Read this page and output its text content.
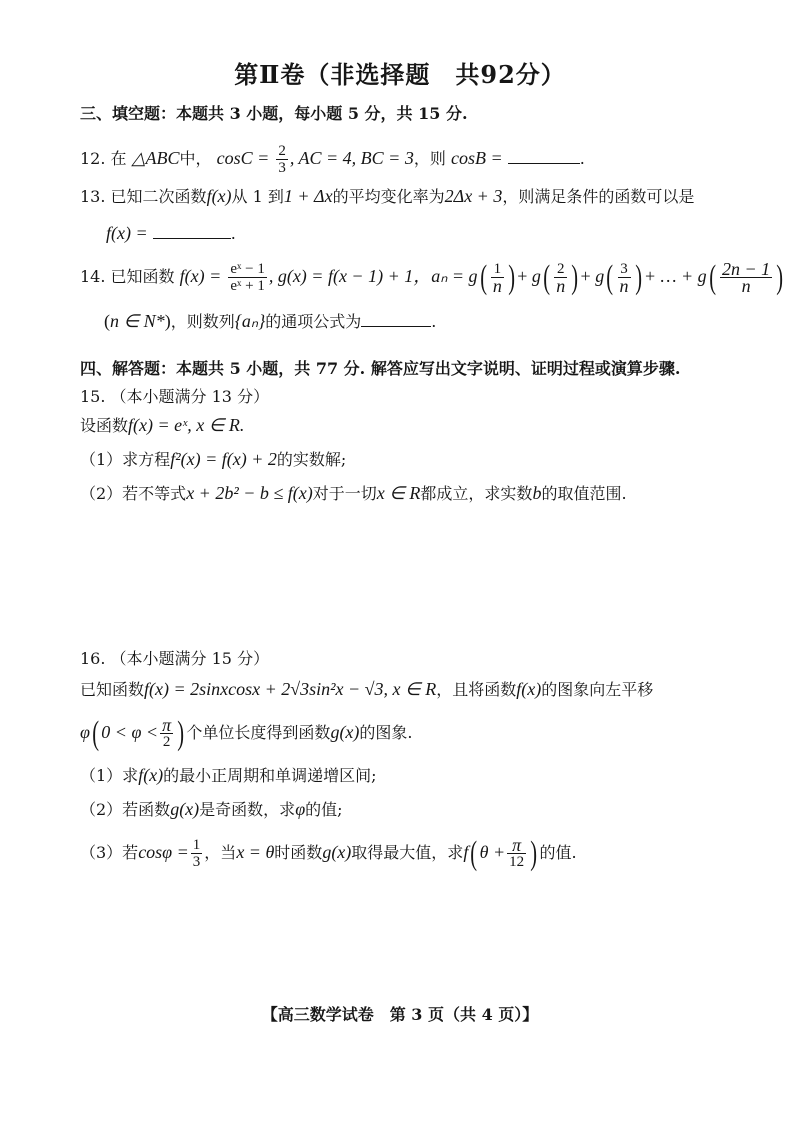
第Ⅱ卷（非选择题　共92分）
三、填空题：本题共 3 小题，每小题 5 分，共 15 分.
12. 在 △ABC中， $\cos C = \frac{2}{3}$ , AC = 4, BC = 3，则 cosB =	.
13. 已知二次函数f(x)从 1 到1 + Δx的平均变化率为2Δx + 3，则满足条件的函数可以是
f(x) =	.
14. 已知函数 $f(x) = \frac{\text{eˣ − 1}}{\text{eˣ + 1}}$ , g(x) = f(x − 1) + 1，$a_n = g( \frac{1}{n}$ ) + $g( \frac{2}{n}$ ) + $g( \frac{3}{n}$ ) + … + $g( \frac{2n - 1}{n}$ )
(n ∈ N*)，则数列{aₙ}的通项公式为	.
四、解答题：本题共 5 小题，共 77 分. 解答应写出文字说明、证明过程或演算步骤.
15. （本小题满分 13 分）
设函数f(x) = eˣ, x ∈ R.
（1）求方程f²(x) = f(x) + 2的实数解;
（2）若不等式x + 2b² − b ≤ f(x)对于一切x ∈ R都成立，求实数b的取值范围.
16. （本小题满分 15 分）
已知函数f(x) = 2sinxcosx + 2√3sin²x − √3, x ∈ R，且将函数f(x)的图象向左平移
φ( $0 < \varphi < \frac{\pi}{2}$ ) 个单位长度得到函数g(x)的图象.
（1）求f(x)的最小正周期和单调递增区间;
（2）若函数g(x)是奇函数，求φ的值;
（3）若$\cos\varphi = \frac{1}{3}$ ，当x = θ时函数g(x)取得最大值，求f( $\theta + \frac{\pi}{12}$ ) 的值.
【高三数学试卷　第 3 页（共 4 页）】
